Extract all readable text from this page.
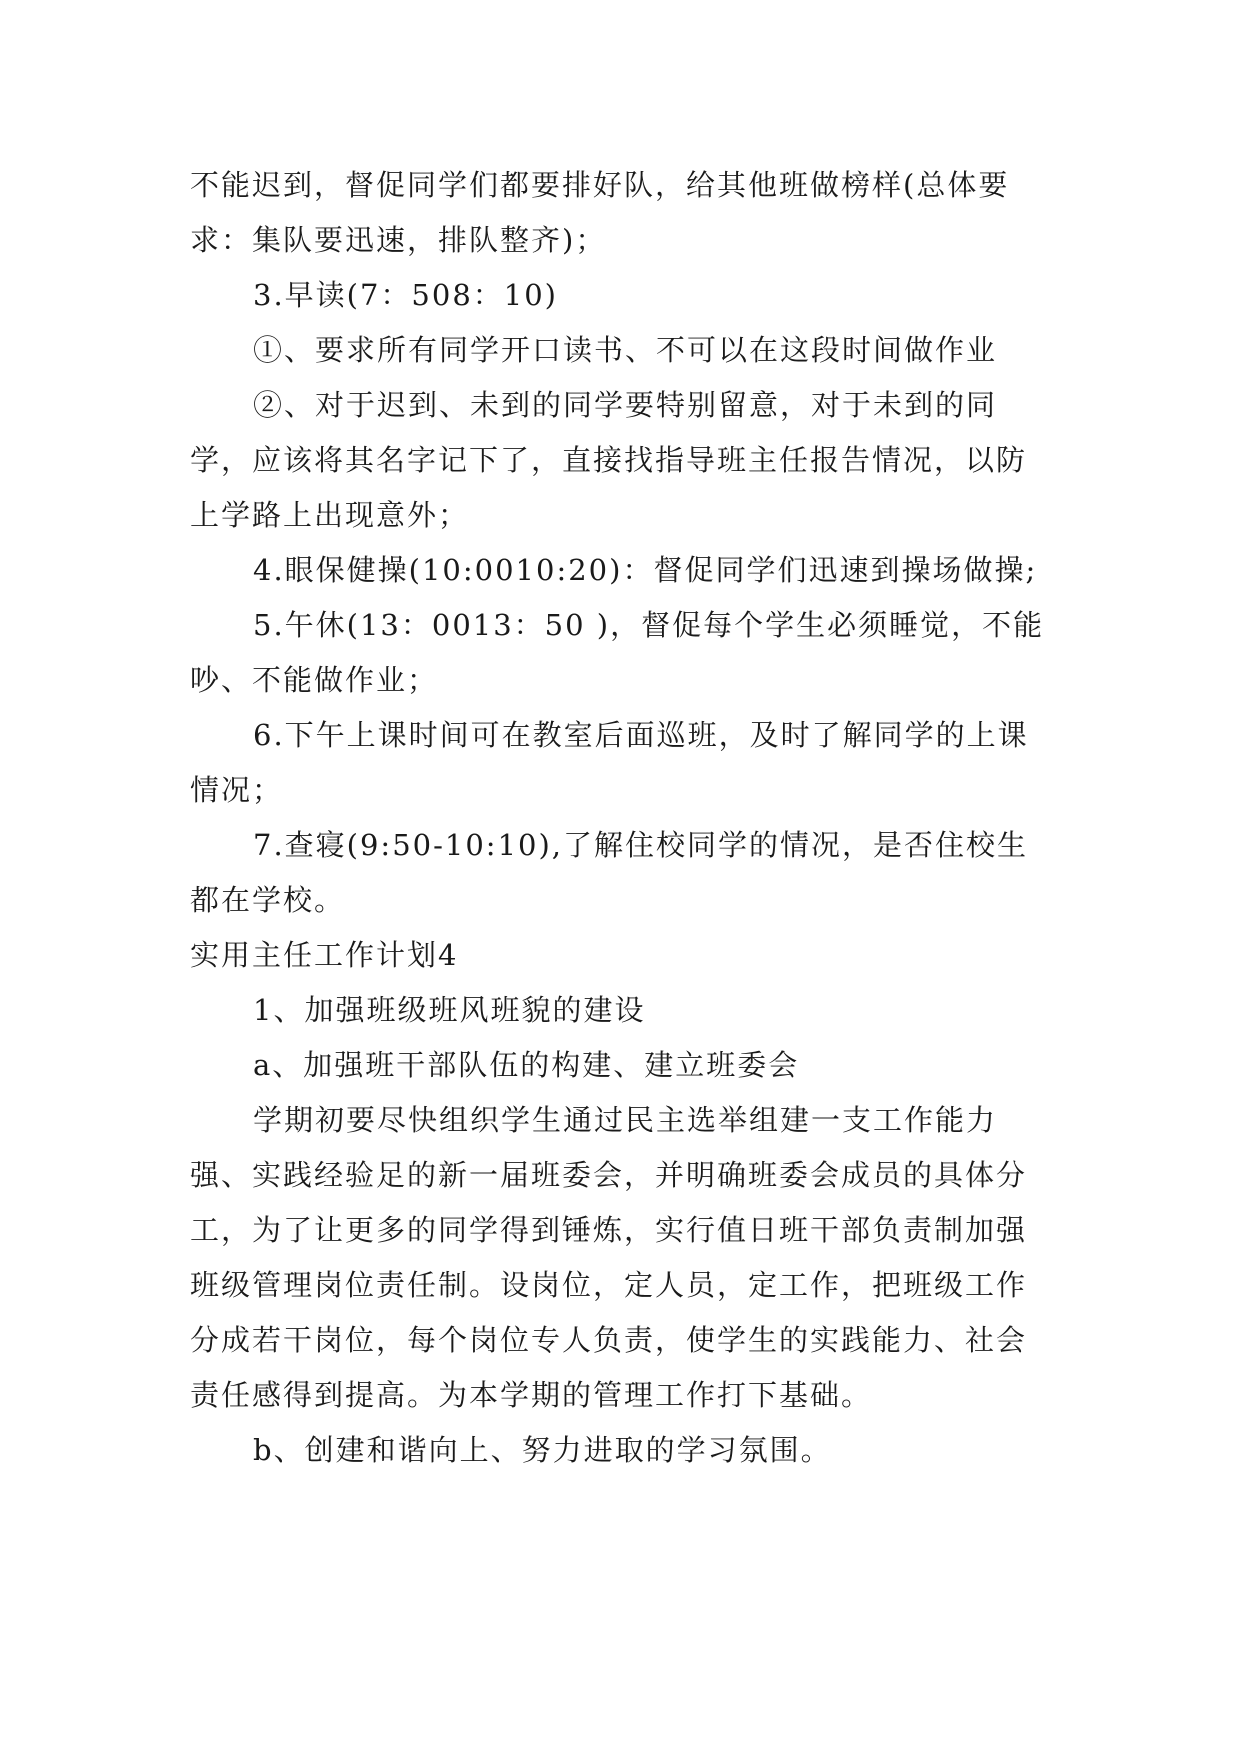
不能迟到，督促同学们都要排好队，给其他班做榜样(总体要求：集队要迅速，排队整齐)；

3.早读(7：508：10)

①、要求所有同学开口读书、不可以在这段时间做作业

②、对于迟到、未到的同学要特别留意，对于未到的同学，应该将其名字记下了，直接找指导班主任报告情况，以防上学路上出现意外；

4.眼保健操(10:0010:20)：督促同学们迅速到操场做操;

5.午休(13：0013：50 )，督促每个学生必须睡觉，不能吵、不能做作业；

6.下午上课时间可在教室后面巡班，及时了解同学的上课情况；

7.查寝(9:50-10:10),了解住校同学的情况，是否住校生都在学校。

实用主任工作计划4

1、加强班级班风班貌的建设

a、加强班干部队伍的构建、建立班委会

学期初要尽快组织学生通过民主选举组建一支工作能力强、实践经验足的新一届班委会，并明确班委会成员的具体分工，为了让更多的同学得到锤炼，实行值日班干部负责制加强班级管理岗位责任制。设岗位，定人员，定工作，把班级工作分成若干岗位，每个岗位专人负责，使学生的实践能力、社会责任感得到提高。为本学期的管理工作打下基础。

b、创建和谐向上、努力进取的学习氛围。
